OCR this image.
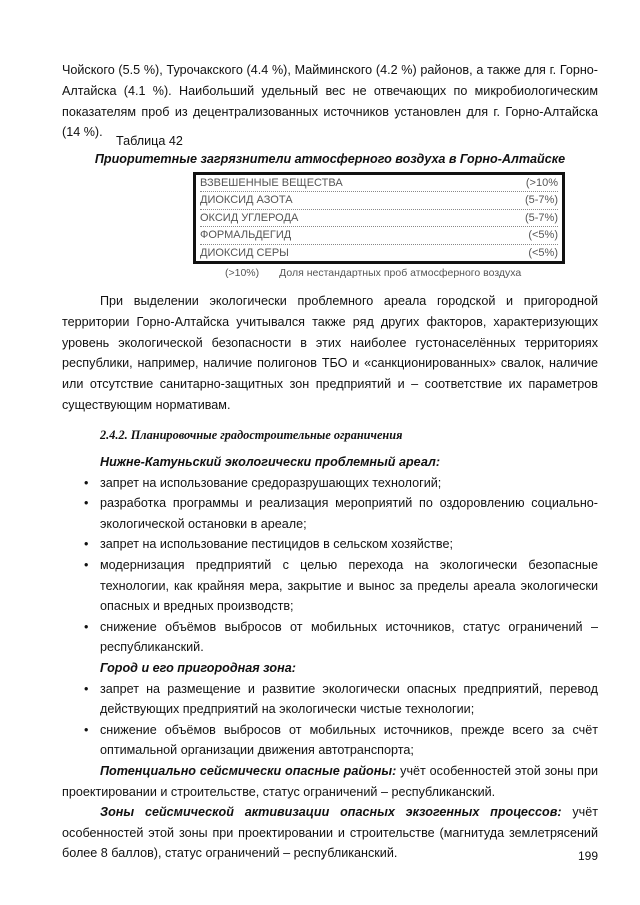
Чойского (5.5 %), Турочакского (4.4 %), Майминского (4.2 %) районов, а также для г. Горно-Алтайска (4.1 %). Наибольший удельный вес не отвечающих по микробиологическим показателям проб из децентрализованных источников установлен для г. Горно-Алтайска (14 %).
Таблица 42
Приоритетные загрязнители атмосферного воздуха в Горно-Алтайске
ВЗВЕШЕННЫЕ ВЕЩЕСТВА	(>10%
ДИОКСИД АЗОТА	(5-7%)
ОКСИД УГЛЕРОДА	(5-7%)
ФОРМАЛЬДЕГИД	(<5%)
ДИОКСИД СЕРЫ	(<5%)
(>10%) Доля нестандартных проб атмосферного воздуха
При выделении экологически проблемного ареала городской и пригородной территории Горно-Алтайска учитывался также ряд других факторов, характеризующих уровень экологической безопасности в этих наиболее густонаселённых территориях республики, например, наличие полигонов ТБО и «санкционированных» свалок, наличие или отсутствие санитарно-защитных зон предприятий и – соответствие их параметров существующим нормативам.
2.4.2. Планировочные градостроительные ограничения

Нижне-Катуньский экологически проблемный ареал:

• запрет на использование средоразрушающих технологий;
• разработка программы и реализация мероприятий по оздоровлению социально-экологической остановки в ареале;
• запрет на использование пестицидов в сельском хозяйстве;
• модернизация предприятий с целью перехода на экологически безопасные технологии, как крайняя мера, закрытие и вынос за пределы ареала экологически опасных и вредных производств;
• снижение объёмов выбросов от мобильных источников, статус ограничений – республиканский.

Город и его пригородная зона:

• запрет на размещение и развитие экологически опасных предприятий, перевод действующих предприятий на экологически чистые технологии;
• снижение объёмов выбросов от мобильных источников, прежде всего за счёт оптимальной организации движения автотранспорта;

Потенциально сейсмически опасные районы: учёт особенностей этой зоны при проектировании и строительстве, статус ограничений – республиканский.

Зоны сейсмической активизации опасных экзогенных процессов: учёт особенностей этой зоны при проектировании и строительстве (магнитуда землетрясений более 8 баллов), статус ограничений – республиканский.	199
